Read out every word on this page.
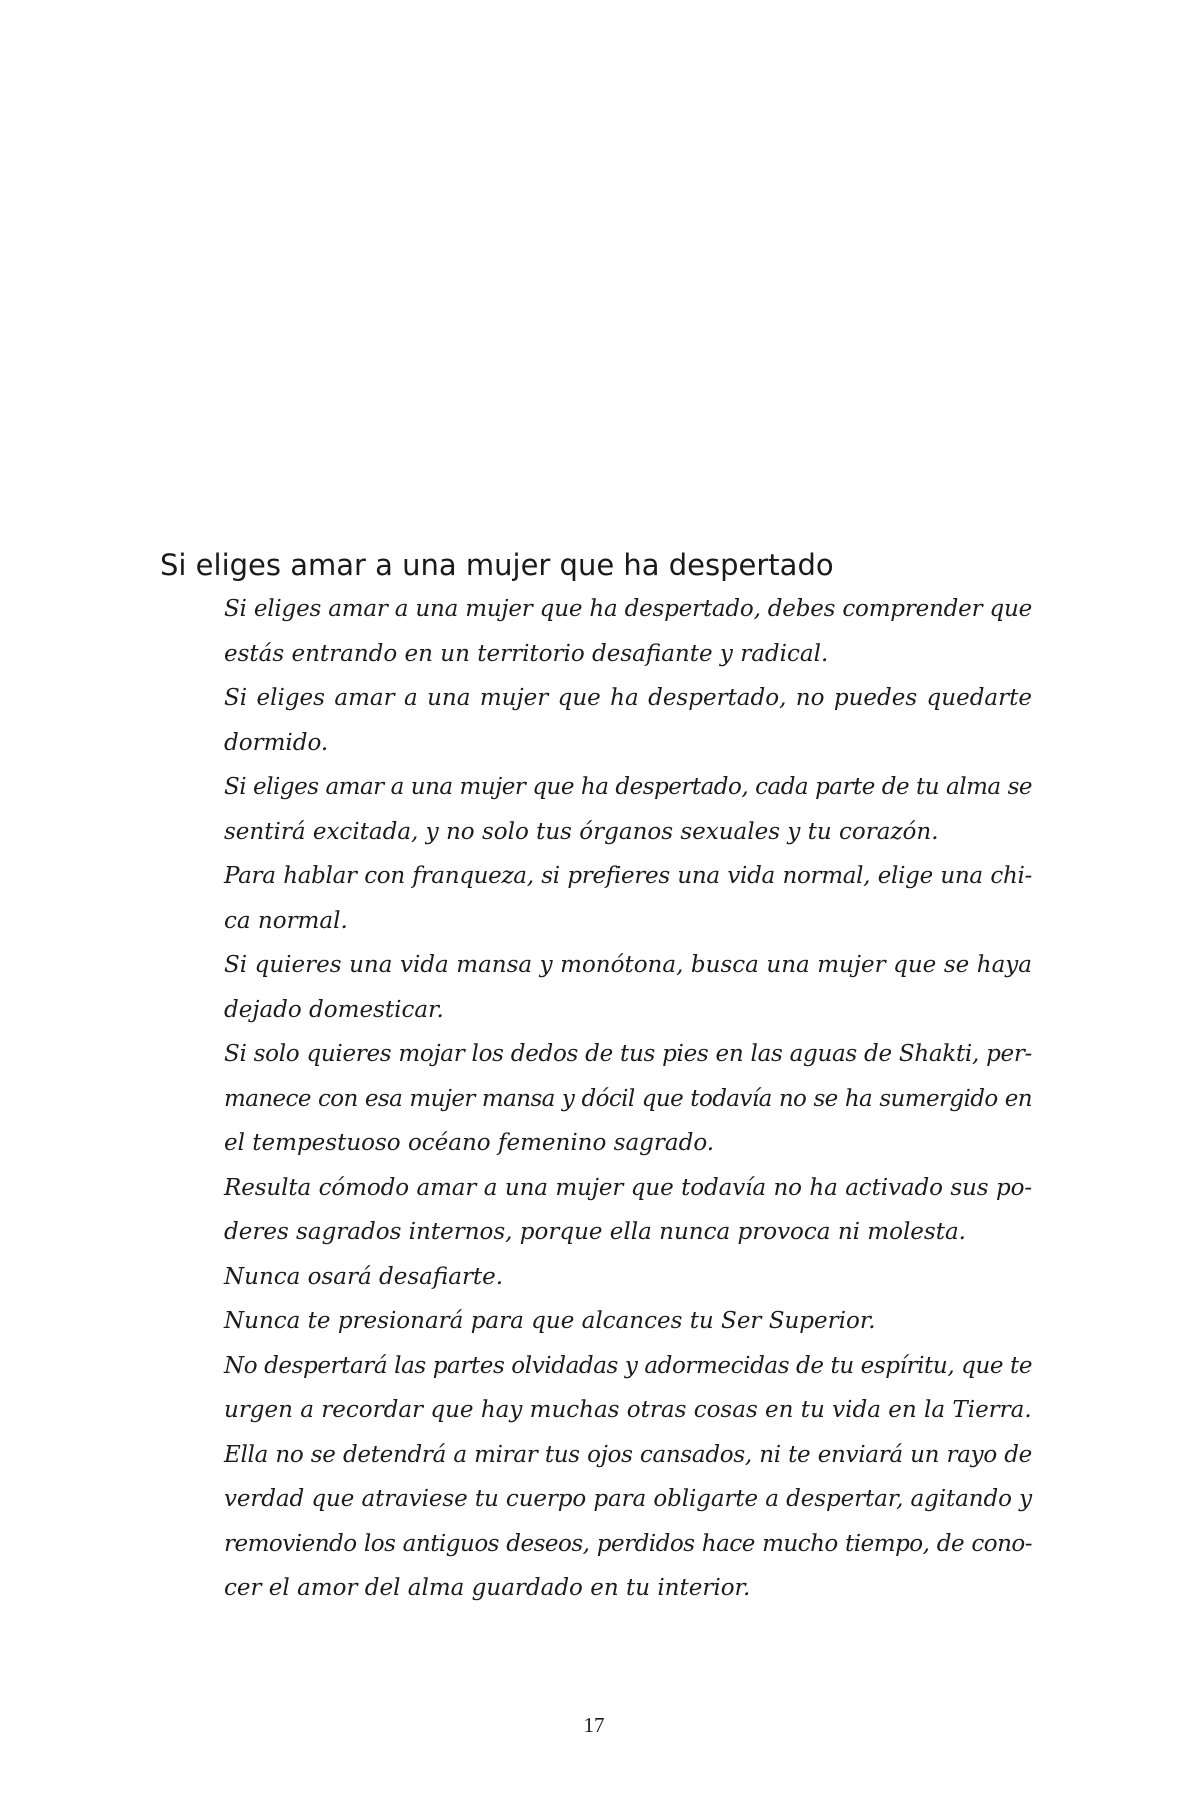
Si eliges amar a una mujer que ha despertado
Si eliges amar a una mujer que ha despertado, debes comprender que
estás entrando en un territorio desafiante y radical.
Si eliges amar a una mujer que ha despertado, no puedes quedarte
dormido.
Si eliges amar a una mujer que ha despertado, cada parte de tu alma se
sentirá excitada, y no solo tus órganos sexuales y tu corazón.
Para hablar con franqueza, si prefieres una vida normal, elige una chi-
ca normal.
Si quieres una vida mansa y monótona, busca una mujer que se haya
dejado domesticar.
Si solo quieres mojar los dedos de tus pies en las aguas de Shakti, per-
manece con esa mujer mansa y dócil que todavía no se ha sumergido en
el tempestuoso océano femenino sagrado.
Resulta cómodo amar a una mujer que todavía no ha activado sus po-
deres sagrados internos, porque ella nunca provoca ni molesta.
Nunca osará desafiarte.
Nunca te presionará para que alcances tu Ser Superior.
No despertará las partes olvidadas y adormecidas de tu espíritu, que te
urgen a recordar que hay muchas otras cosas en tu vida en la Tierra.
Ella no se detendrá a mirar tus ojos cansados, ni te enviará un rayo de
verdad que atraviese tu cuerpo para obligarte a despertar, agitando y
removiendo los antiguos deseos, perdidos hace mucho tiempo, de cono-
cer el amor del alma guardado en tu interior.
17
